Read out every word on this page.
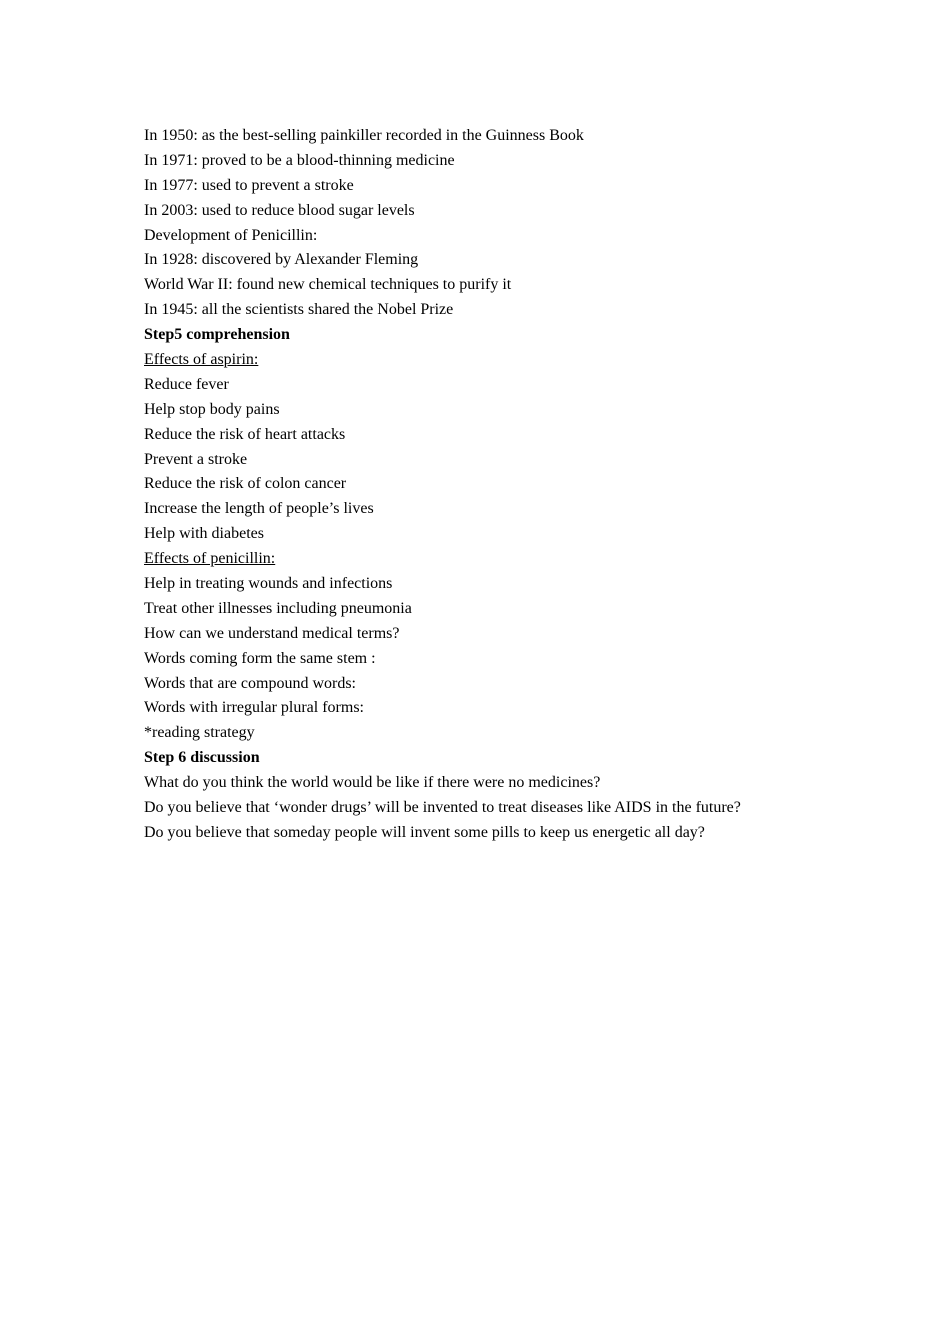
In 1950: as the best-selling painkiller recorded in the Guinness Book
In 1971: proved to be a blood-thinning medicine
In 1977: used to prevent a stroke
In 2003: used to reduce blood sugar levels
Development of Penicillin:
In 1928: discovered by Alexander Fleming
World War II: found new chemical techniques to purify it
In 1945: all the scientists shared the Nobel Prize
Step5 comprehension
Effects of aspirin:
Reduce fever
Help stop body pains
Reduce the risk of heart attacks
Prevent a stroke
Reduce the risk of colon cancer
Increase the length of people’s lives
Help with diabetes
Effects of penicillin:
Help in treating wounds and infections
Treat other illnesses including pneumonia
How can we understand medical terms?
Words coming form the same stem :
Words that are compound words:
Words with irregular plural forms:
*reading strategy
Step 6 discussion
What do you think the world would be like if there were no medicines?
Do you believe that ‘wonder drugs’ will be invented to treat diseases like AIDS in the future?
Do you believe that someday people will invent some pills to keep us energetic all day?
